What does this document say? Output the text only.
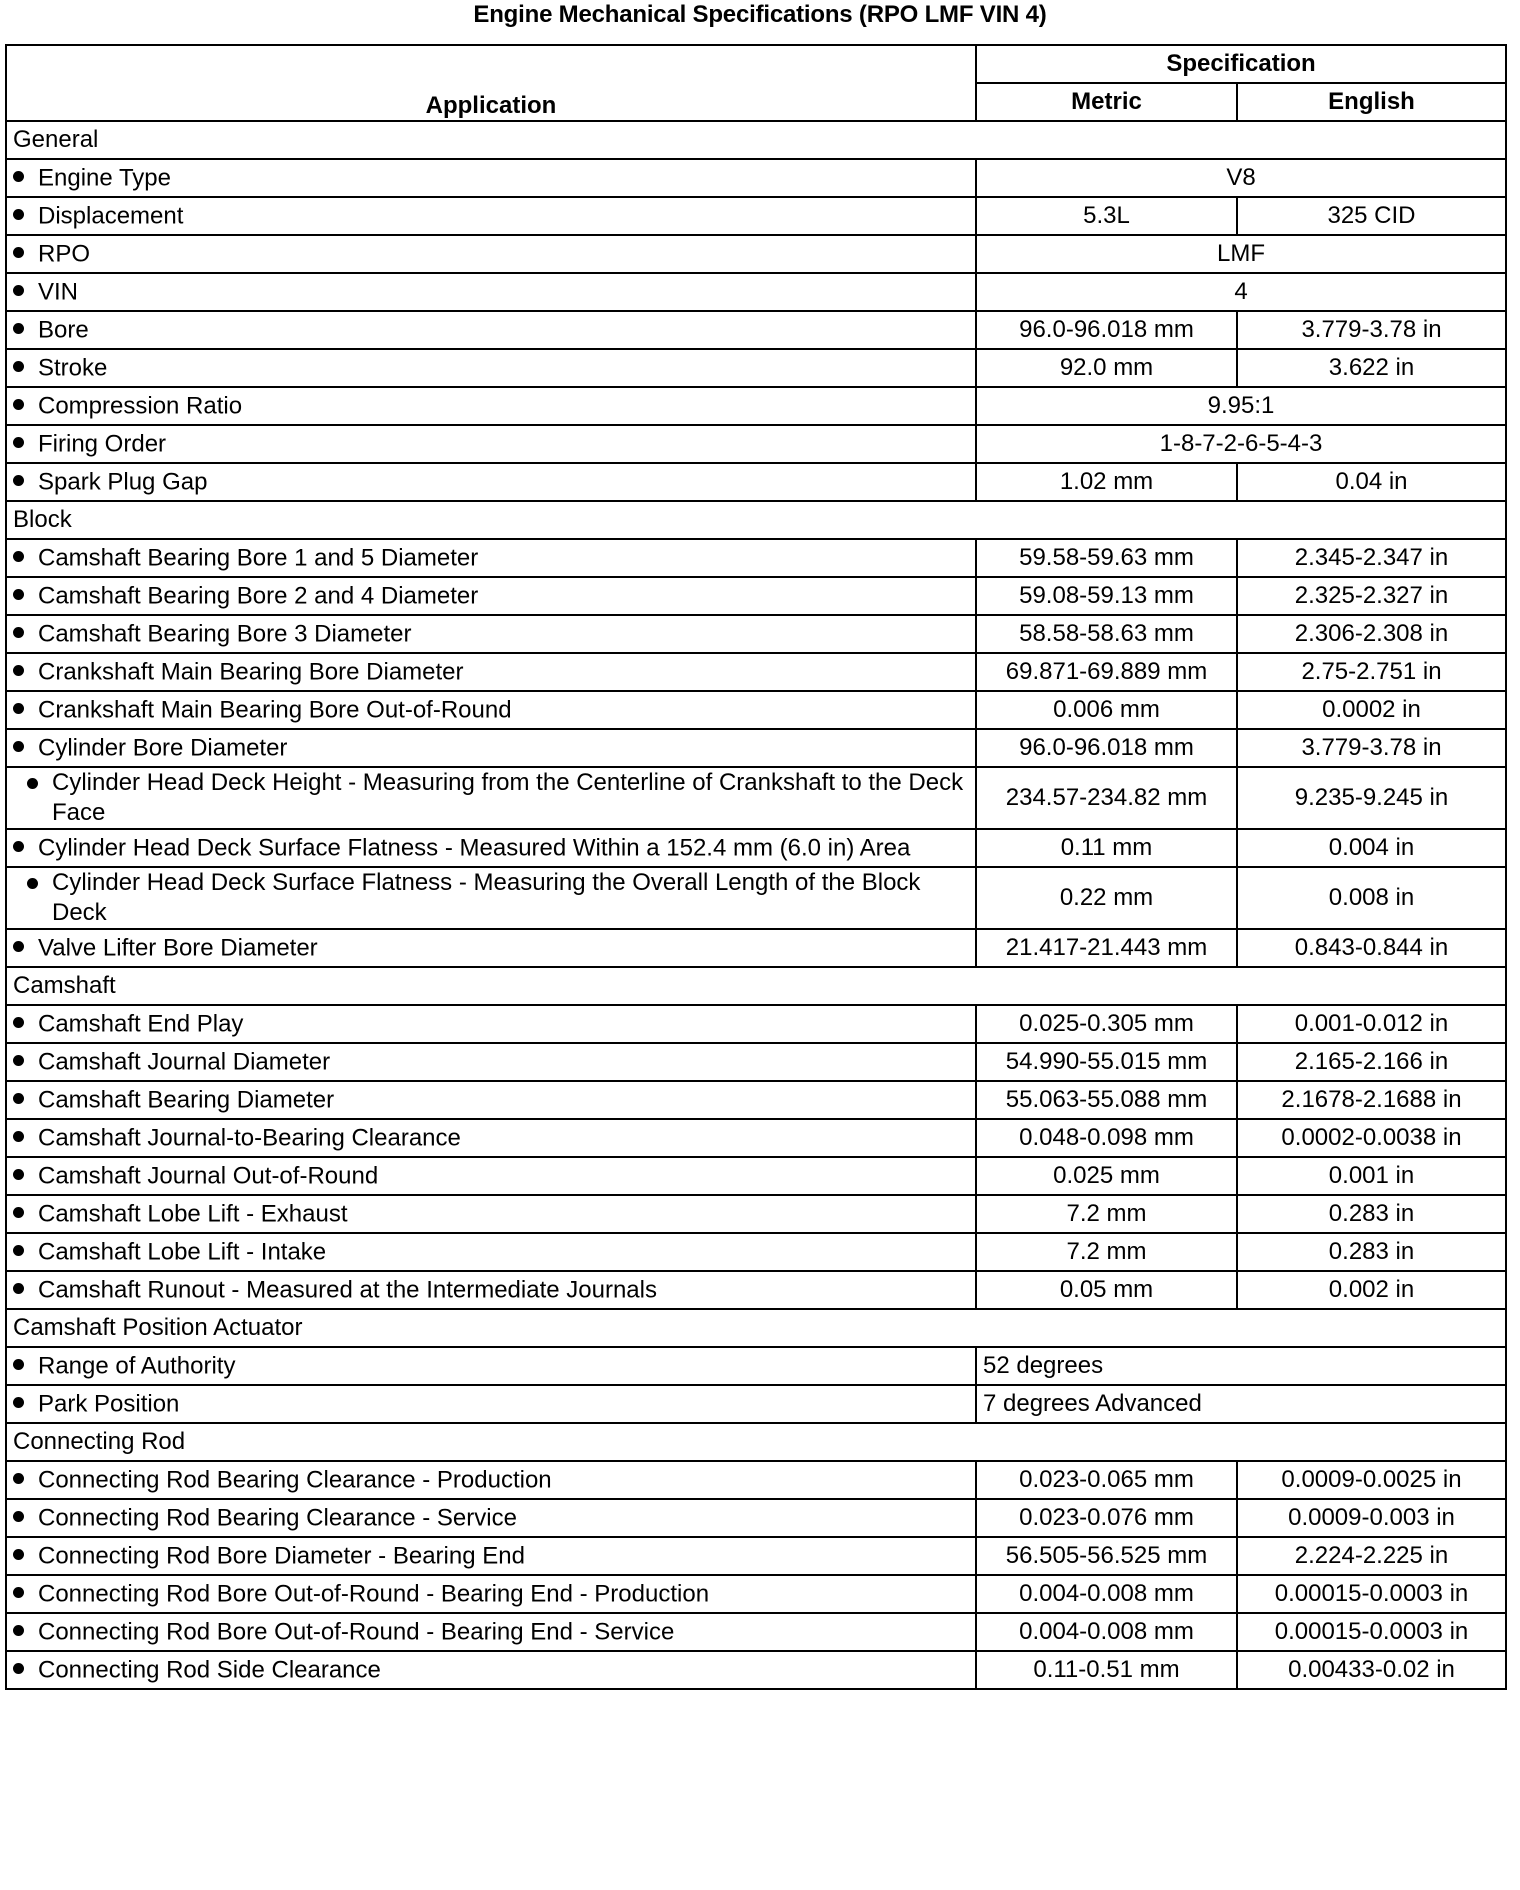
Engine Mechanical Specifications (RPO LMF VIN 4)
Application	Specification	
	Metric	English
General		
Engine Type	V8	
Displacement	5.3L	325 CID
RPO	LMF	
VIN	4	
Bore	96.0-96.018 mm	3.779-3.78 in
Stroke	92.0 mm	3.622 in
Compression Ratio	9.95:1	
Firing Order	1-8-7-2-6-5-4-3	
Spark Plug Gap	1.02 mm	0.04 in
Block		
Camshaft Bearing Bore 1 and 5 Diameter	59.58-59.63 mm	2.345-2.347 in
Camshaft Bearing Bore 2 and 4 Diameter	59.08-59.13 mm	2.325-2.327 in
Camshaft Bearing Bore 3 Diameter	58.58-58.63 mm	2.306-2.308 in
Crankshaft Main Bearing Bore Diameter	69.871-69.889 mm	2.75-2.751 in
Crankshaft Main Bearing Bore Out-of-Round	0.006 mm	0.0002 in
Cylinder Bore Diameter	96.0-96.018 mm	3.779-3.78 in

Cylinder Head Deck Height - Measuring from the Centerline of Crankshaft to the Deck Face	234.57-234.82 mm	9.235-9.245 in
Cylinder Head Deck Surface Flatness - Measured Within a 152.4 mm (6.0 in) Area	0.11 mm	0.004 in

Cylinder Head Deck Surface Flatness - Measuring the Overall Length of the Block Deck	0.22 mm	0.008 in
Valve Lifter Bore Diameter	21.417-21.443 mm	0.843-0.844 in
Camshaft		
Camshaft End Play	0.025-0.305 mm	0.001-0.012 in
Camshaft Journal Diameter	54.990-55.015 mm	2.165-2.166 in
Camshaft Bearing Diameter	55.063-55.088 mm	2.1678-2.1688 in
Camshaft Journal-to-Bearing Clearance	0.048-0.098 mm	0.0002-0.0038 in
Camshaft Journal Out-of-Round	0.025 mm	0.001 in
Camshaft Lobe Lift - Exhaust	7.2 mm	0.283 in
Camshaft Lobe Lift - Intake	7.2 mm	0.283 in
Camshaft Runout - Measured at the Intermediate Journals	0.05 mm	0.002 in
Camshaft Position Actuator		
Range of Authority	52 degrees	
Park Position	7 degrees Advanced	
Connecting Rod		
Connecting Rod Bearing Clearance - Production	0.023-0.065 mm	0.0009-0.0025 in
Connecting Rod Bearing Clearance - Service	0.023-0.076 mm	0.0009-0.003 in
Connecting Rod Bore Diameter - Bearing End	56.505-56.525 mm	2.224-2.225 in
Connecting Rod Bore Out-of-Round - Bearing End - Production	0.004-0.008 mm	0.00015-0.0003 in
Connecting Rod Bore Out-of-Round - Bearing End - Service	0.004-0.008 mm	0.00015-0.0003 in
Connecting Rod Side Clearance	0.11-0.51 mm	0.00433-0.02 in
